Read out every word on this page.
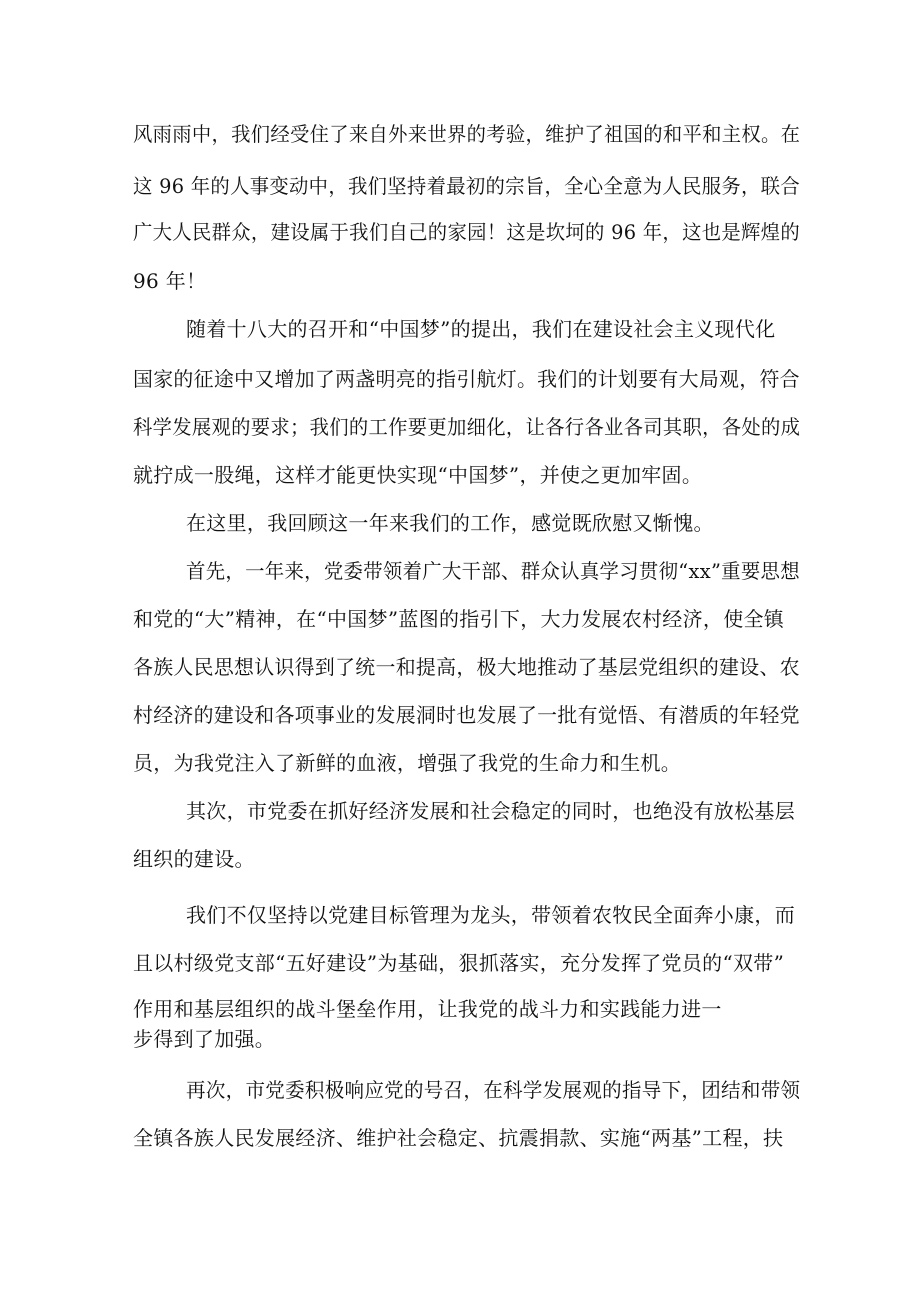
风雨雨中，我们经受住了来自外来世界的考验，维护了祖国的和平和主权。在
这 96 年的人事变动中，我们坚持着最初的宗旨，全心全意为人民服务，联合
广大人民群众，建设属于我们自己的家园！这是坎坷的 96 年，这也是辉煌的
96 年！
随着十八大的召开和“中国梦”的提出，我们在建设社会主义现代化
国家的征途中又增加了两盏明亮的指引航灯。我们的计划要有大局观，符合
科学发展观的要求；我们的工作要更加细化，让各行各业各司其职，各处的成
就拧成一股绳，这样才能更快实现“中国梦”，并使之更加牢固。
在这里，我回顾这一年来我们的工作，感觉既欣慰又惭愧。
首先，一年来，党委带领着广大干部、群众认真学习贯彻“xx”重要思想
和党的“大”精神，在“中国梦”蓝图的指引下，大力发展农村经济，使全镇
各族人民思想认识得到了统一和提高，极大地推动了基层党组织的建设、农
村经济的建设和各项事业的发展洞时也发展了一批有觉悟、有潜质的年轻党
员，为我党注入了新鲜的血液，增强了我党的生命力和生机。
其次，市党委在抓好经济发展和社会稳定的同时，也绝没有放松基层
组织的建设。
我们不仅坚持以党建目标管理为龙头，带领着农牧民全面奔小康，而
且以村级党支部“五好建设”为基础，狠抓落实，充分发挥了党员的“双带”
作用和基层组织的战斗堡垒作用，让我党的战斗力和实践能力进一
步得到了加强。
再次，市党委积极响应党的号召，在科学发展观的指导下，团结和带领
全镇各族人民发展经济、维护社会稳定、抗震捐款、实施“两基”工程，扶
